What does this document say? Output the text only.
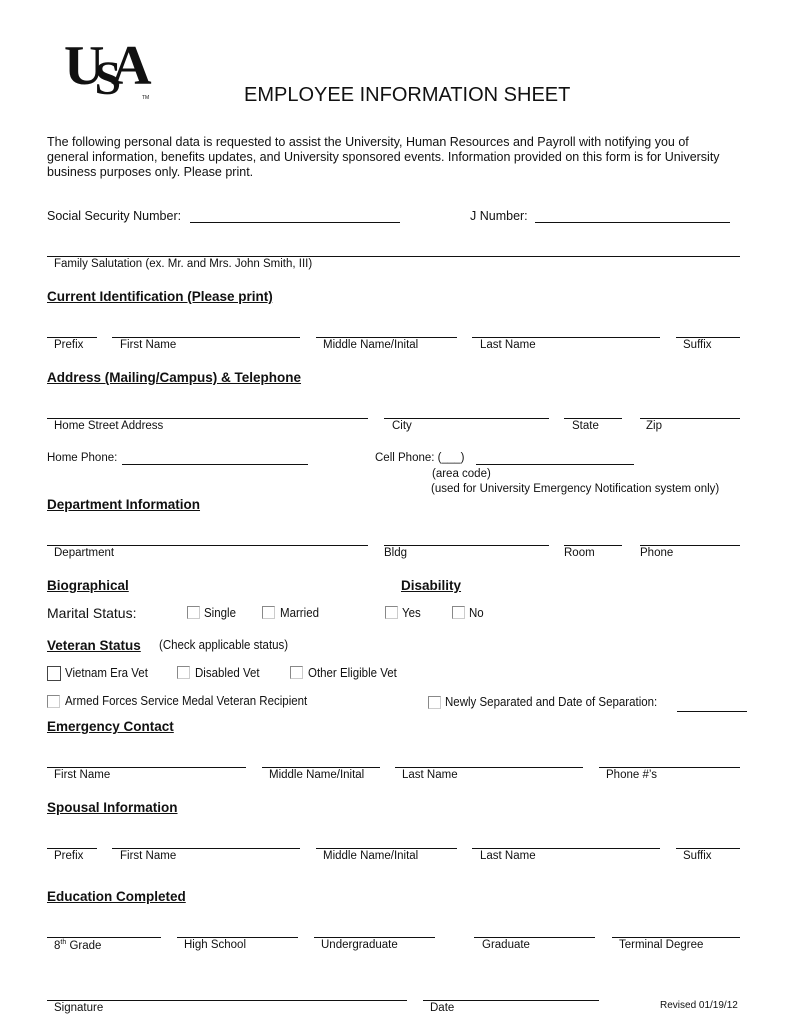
USA
TM	EMPLOYEE INFORMATION SHEET
The following personal data is requested to assist the University, Human Resources and Payroll with notifying you of
general information, benefits updates, and University sponsored events. Information provided on this form is for University
business purposes only. Please print.
Social Security Number:	J Number:
Family Salutation (ex. Mr. and Mrs. John Smith, III)
Current Identification (Please print)
Prefix	First Name	Middle Name/Inital	Last Name	Suffix
Address (Mailing/Campus) & Telephone
Home Street Address	City	State	Zip
Home Phone:	Cell Phone: (___)
(area code)
(used for University Emergency Notification system only)
Department Information
Department	Bldg	Room	Phone
Biographical	Disability
Marital Status:	Single	Married	Yes	No
Veteran Status (Check applicable status)
Vietnam Era Vet	Disabled Vet	Other Eligible Vet
Armed Forces Service Medal Veteran Recipient	Newly Separated and Date of Separation:
Emergency Contact
First Name	Middle Name/Inital	Last Name	Phone #’s
Spousal Information
Prefix	First Name	Middle Name/Inital	Last Name	Suffix
Education Completed
8th Grade	High School	Undergraduate	Graduate	Terminal Degree
Signature	Date	Revised 01/19/12
